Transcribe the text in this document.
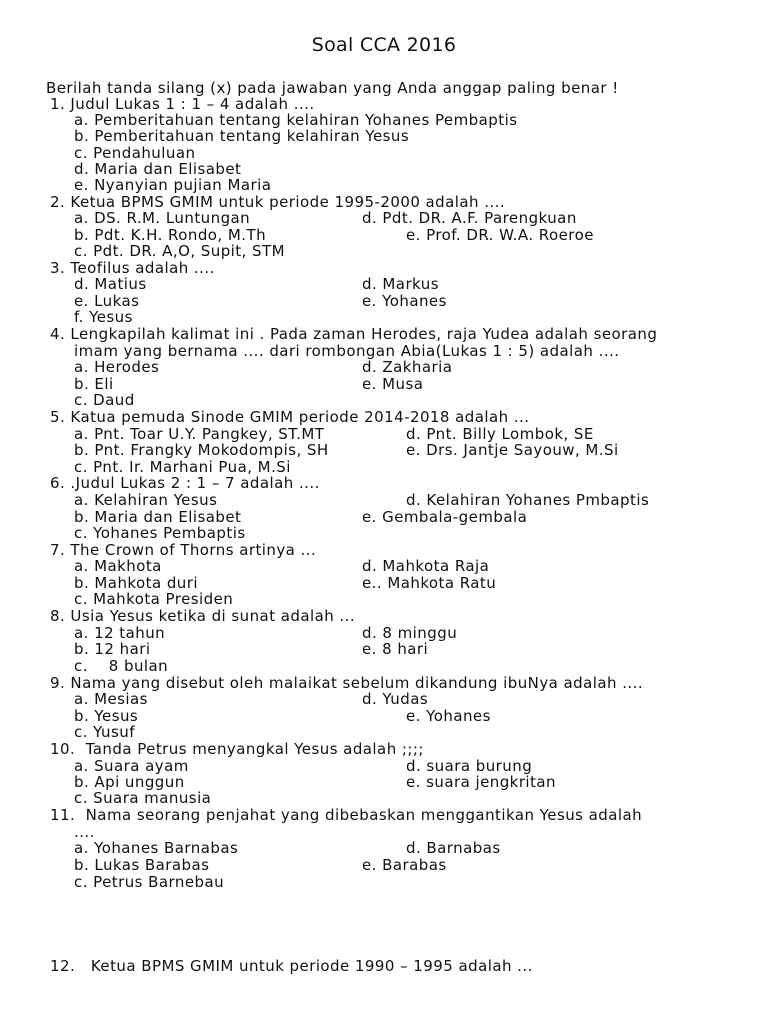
Soal CCA 2016
Berilah tanda silang (x) pada jawaban yang Anda anggap paling benar !
1. Judul Lukas 1 : 1 – 4 adalah ....
a. Pemberitahuan tentang kelahiran Yohanes Pembaptis
b. Pemberitahuan tentang kelahiran Yesus
c. Pendahuluan
d. Maria dan Elisabet
e. Nyanyian pujian Maria
2. Ketua BPMS GMIM untuk periode 1995-2000 adalah ....
a. DS. R.M. Luntungan	d. Pdt. DR. A.F. Parengkuan
b. Pdt. K.H. Rondo, M.Th	e. Prof. DR. W.A. Roeroe
c. Pdt. DR. A,O, Supit, STM
3. Teofilus adalah ....
d. Matius	d. Markus
e. Lukas	e. Yohanes
f. Yesus
4. Lengkapilah kalimat ini . Pada zaman Herodes, raja Yudea adalah seorang
imam yang bernama .... dari rombongan Abia(Lukas 1 : 5) adalah ....
a. Herodes	d. Zakharia
b. Eli	e. Musa
c. Daud
5. Katua pemuda Sinode GMIM periode 2014-2018 adalah ...
a. Pnt. Toar U.Y. Pangkey, ST.MT	d. Pnt. Billy Lombok, SE
b. Pnt. Frangky Mokodompis, SH	e. Drs. Jantje Sayouw, M.Si
c. Pnt. Ir. Marhani Pua, M.Si
6. .Judul Lukas 2 : 1 – 7 adalah ....
a. Kelahiran Yesus	d. Kelahiran Yohanes Pmbaptis
b. Maria dan Elisabet	e. Gembala-gembala
c. Yohanes Pembaptis
7. The Crown of Thorns artinya ...
a. Makhota	d. Mahkota Raja
b. Mahkota duri	e.. Mahkota Ratu
c. Mahkota Presiden
8. Usia Yesus ketika di sunat adalah ...
a. 12 tahun	d. 8 minggu
b. 12 hari	e. 8 hari
c.    8 bulan
9. Nama yang disebut oleh malaikat sebelum dikandung ibuNya adalah ....
a. Mesias	d. Yudas
b. Yesus	e. Yohanes
c. Yusuf
10.  Tanda Petrus menyangkal Yesus adalah ;;;;
a. Suara ayam	d. suara burung
b. Api unggun	e. suara jengkritan
c. Suara manusia
11.  Nama seorang penjahat yang dibebaskan menggantikan Yesus adalah
....
a. Yohanes Barnabas	d. Barnabas
b. Lukas Barabas	e. Barabas
c. Petrus Barnebau
12.   Ketua BPMS GMIM untuk periode 1990 – 1995 adalah ...
